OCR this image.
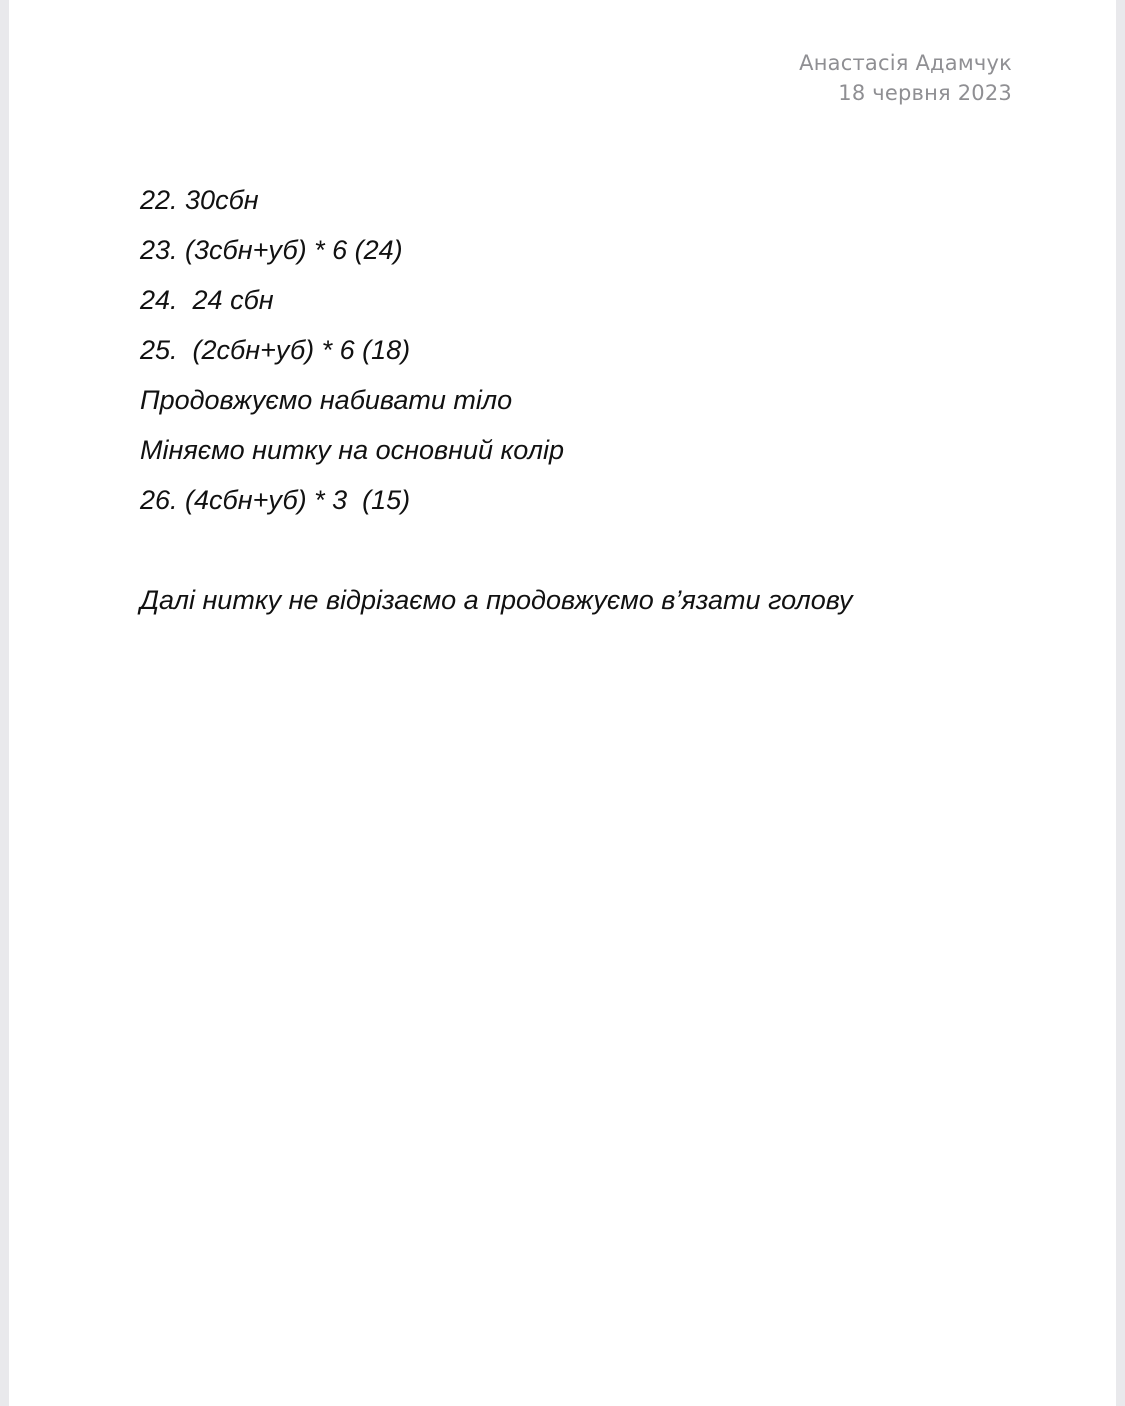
Анастасія Адамчук
18 червня 2023
22. 30сбн
23. (3сбн+уб) * 6 (24)
24.  24 сбн
25.  (2сбн+уб) * 6 (18)
Продовжуємо набивати тіло
Міняємо нитку на основний колір
26. (4сбн+уб) * 3  (15)
Далі нитку не відрізаємо а продовжуємо в’язати голову
